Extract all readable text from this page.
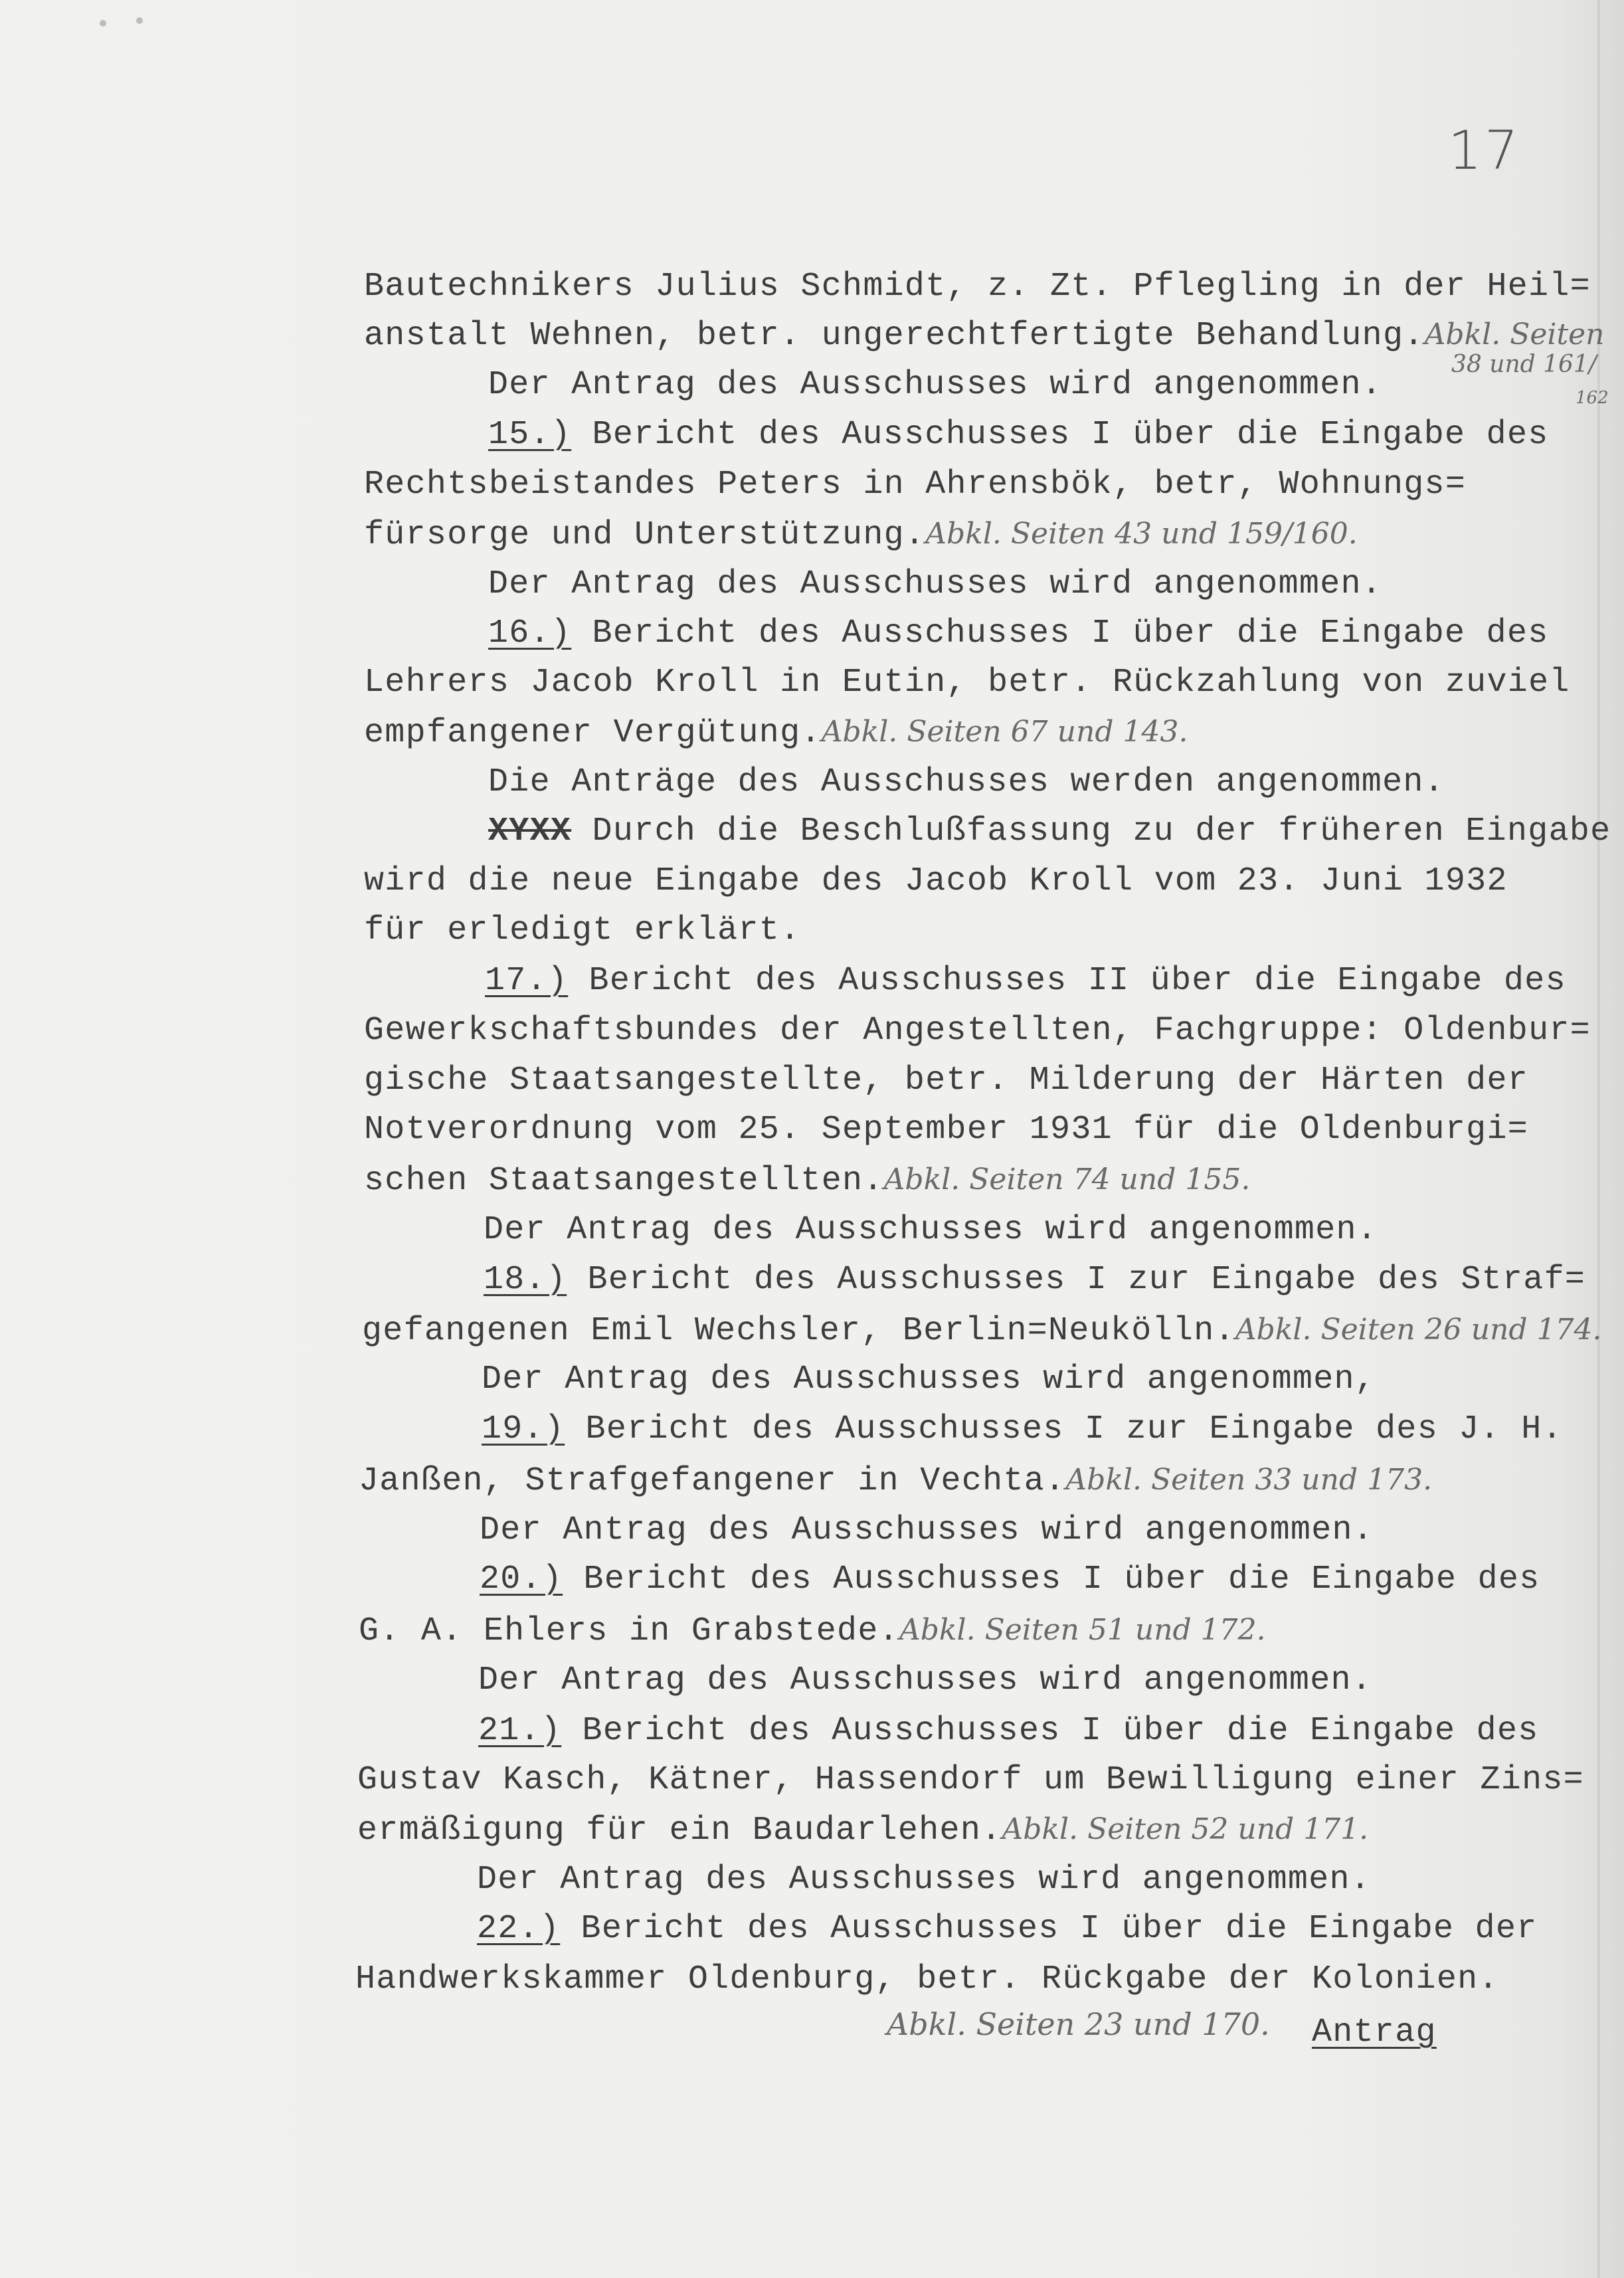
17
Bautechnikers Julius Schmidt, z. Zt. Pflegling in der Heil=
anstalt Wehnen, betr. ungerechtfertigte Behandlung.Abkl. Seiten
38 und 161/
162
Der Antrag des Ausschusses wird angenommen.
15.) Bericht des Ausschusses I über die Eingabe des
Rechtsbeistandes Peters in Ahrensbök, betr, Wohnungs=
fürsorge und Unterstützung.Abkl. Seiten 43 und 159/160.
Der Antrag des Ausschusses wird angenommen.
16.) Bericht des Ausschusses I über die Eingabe des
Lehrers Jacob Kroll in Eutin, betr. Rückzahlung von zuviel
empfangener Vergütung.Abkl. Seiten 67 und 143.
Die Anträge des Ausschusses werden angenommen.
XYXX Durch die Beschlußfassung zu der früheren Eingabe
wird die neue Eingabe des Jacob Kroll vom 23. Juni 1932
für erledigt erklärt.
17.) Bericht des Ausschusses II über die Eingabe des
Gewerkschaftsbundes der Angestellten, Fachgruppe: Oldenbur=
gische Staatsangestellte, betr. Milderung der Härten der
Notverordnung vom 25. September 1931 für die Oldenburgi=
schen Staatsangestellten.Abkl. Seiten 74 und 155.
Der Antrag des Ausschusses wird angenommen.
18.) Bericht des Ausschusses I zur Eingabe des Straf=
gefangenen Emil Wechsler, Berlin=Neukölln.Abkl. Seiten 26 und 174.
Der Antrag des Ausschusses wird angenommen,
19.) Bericht des Ausschusses I zur Eingabe des J. H.
Janßen, Strafgefangener in Vechta.Abkl. Seiten 33 und 173.
Der Antrag des Ausschusses wird angenommen.
20.) Bericht des Ausschusses I über die Eingabe des
G. A. Ehlers in Grabstede.Abkl. Seiten 51 und 172.
Der Antrag des Ausschusses wird angenommen.
21.) Bericht des Ausschusses I über die Eingabe des
Gustav Kasch, Kätner, Hassendorf um Bewilligung einer Zins=
ermäßigung für ein Baudarlehen.Abkl. Seiten 52 und 171.
Der Antrag des Ausschusses wird angenommen.
22.) Bericht des Ausschusses I über die Eingabe der
Handwerkskammer Oldenburg, betr. Rückgabe der Kolonien.
Abkl. Seiten 23 und 170. Antrag
